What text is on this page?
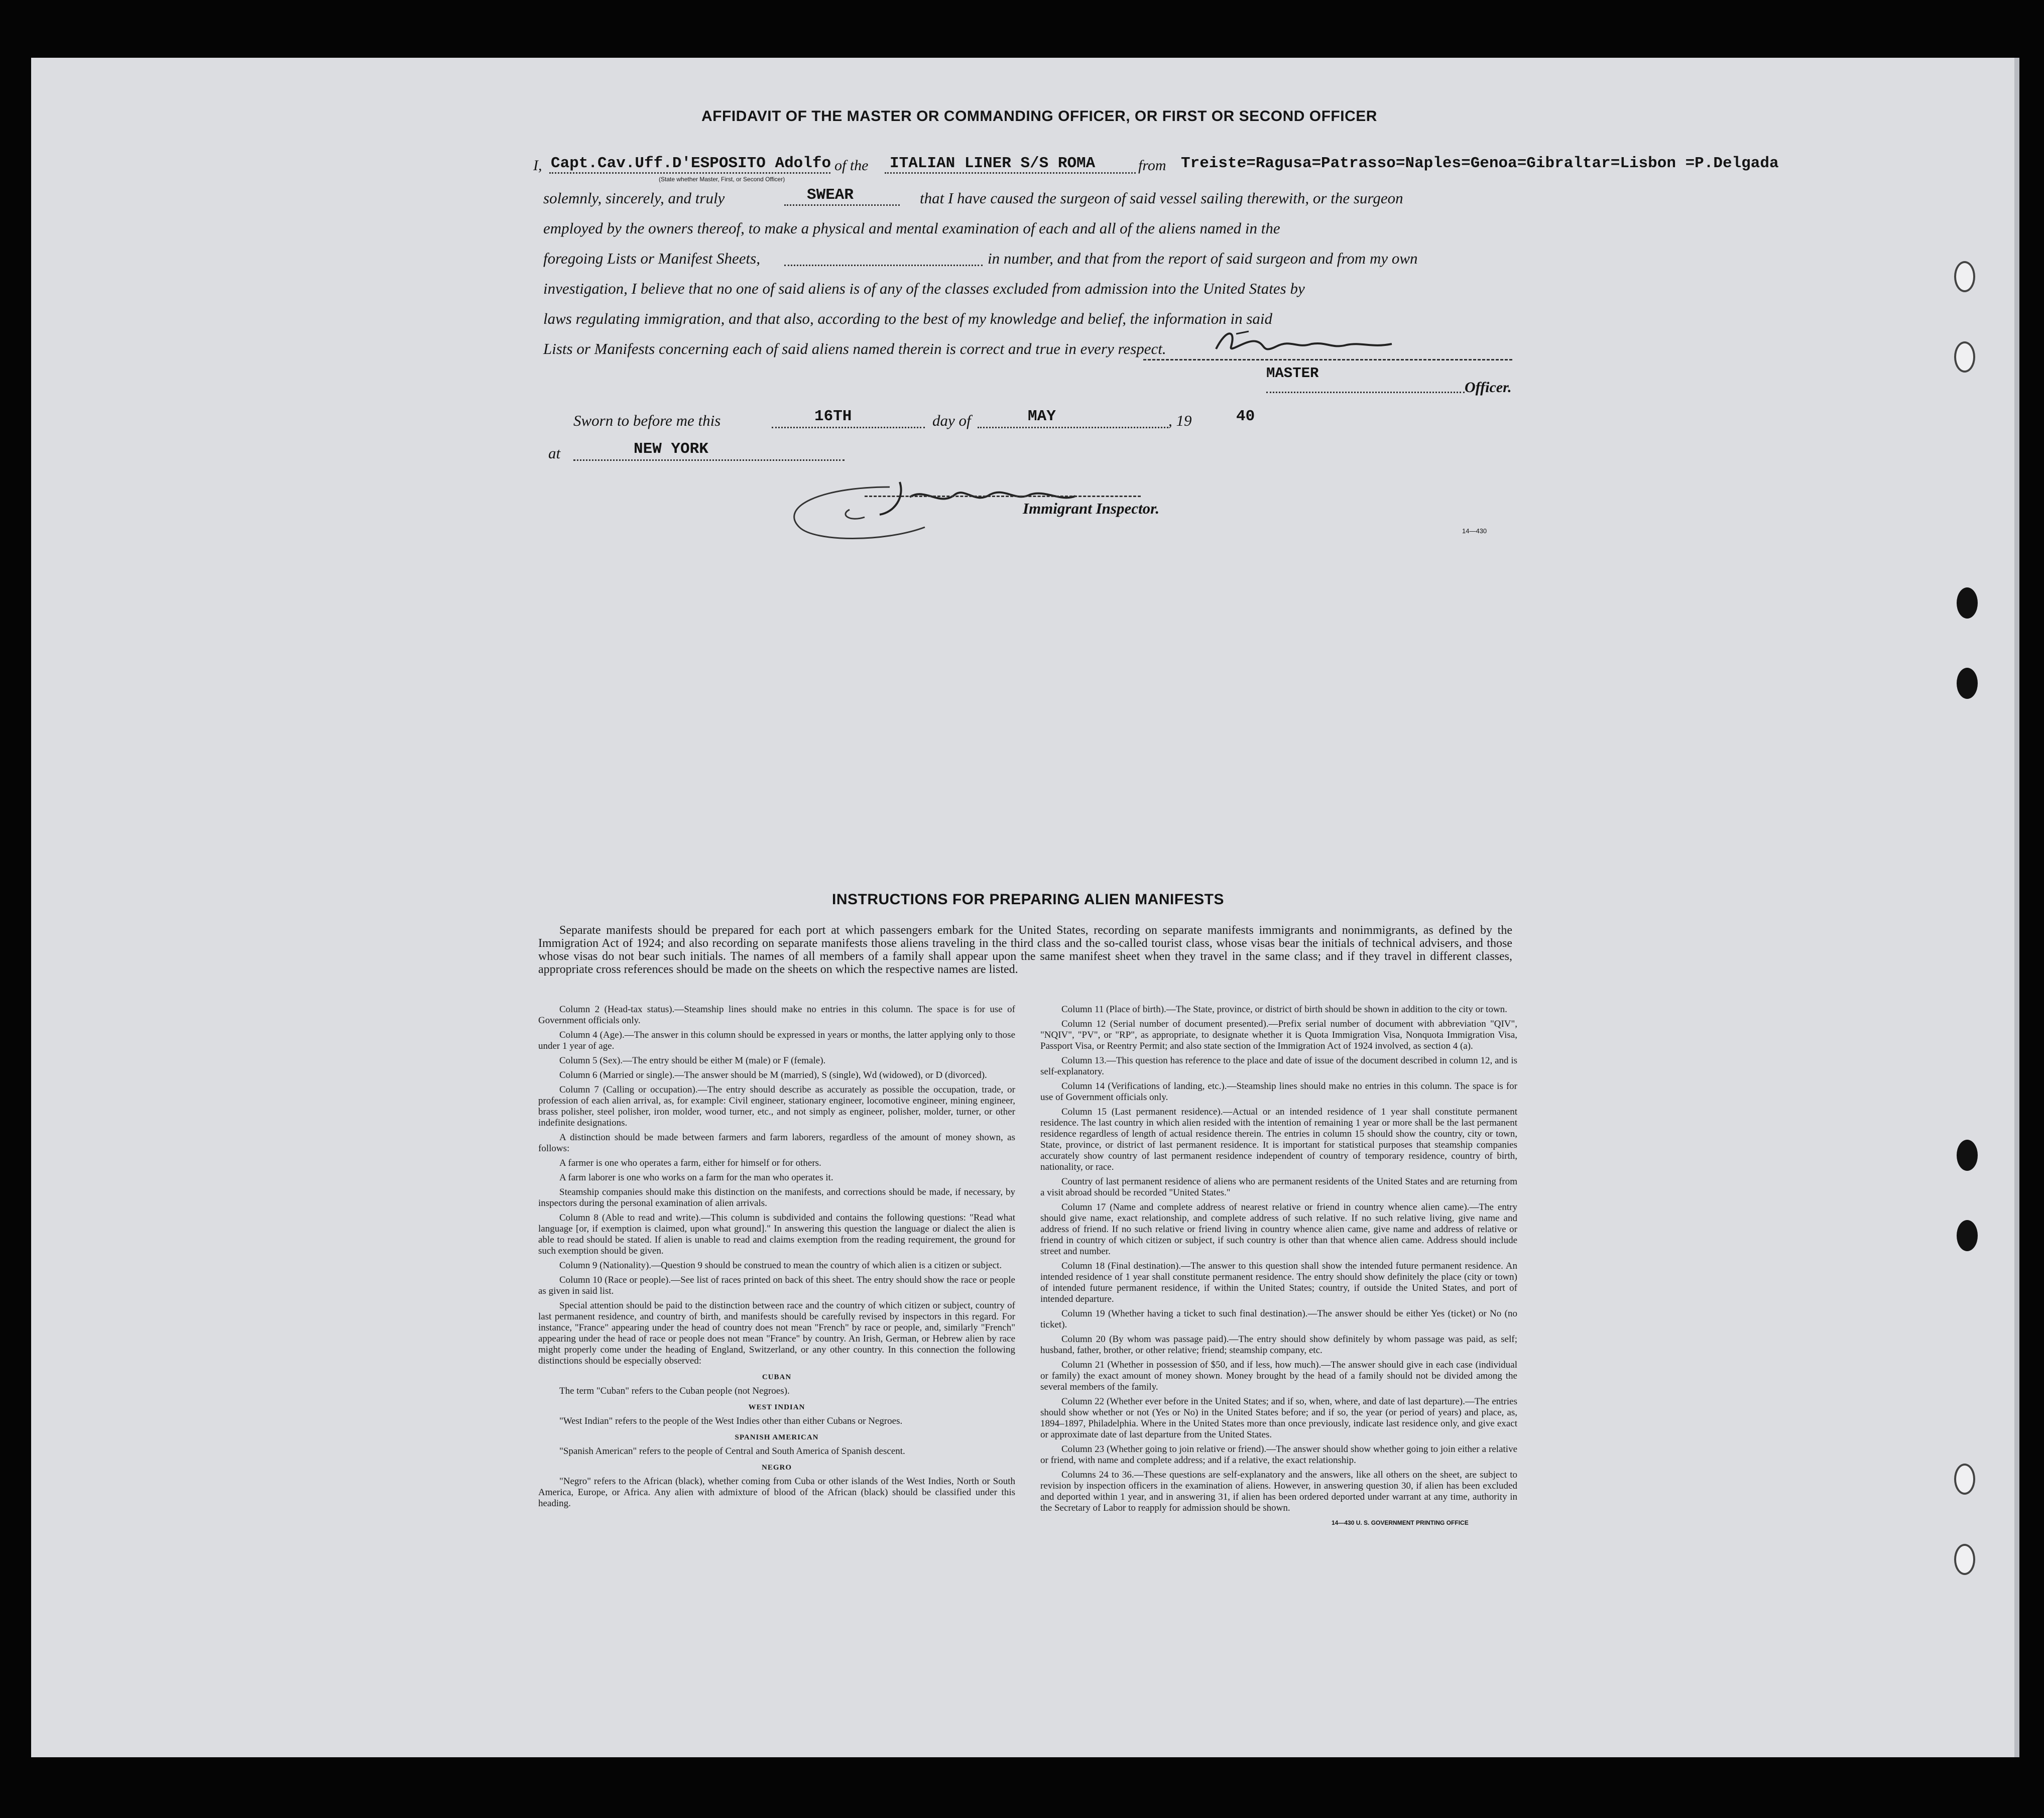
AFFIDAVIT OF THE MASTER OR COMMANDING OFFICER, OR FIRST OR SECOND OFFICER
I, Capt.Cav.Uff.D'ESPOSITO Adolfo
(State whether Master, First, or Second Officer)
of the ITALIAN LINER S/S ROMA	from Treiste=Ragusa=Patrasso=Naples=Genoa=Gibraltar=Lisbon =P.Delgada
solemnly, sincerely, and truly	SWEAR	that I have caused the surgeon of said vessel sailing therewith, or the surgeon
employed by the owners thereof, to make a physical and mental examination of each and all of the aliens named in the
foregoing Lists or Manifest Sheets,	in number, and that from the report of said surgeon and from my own
investigation, I believe that no one of said aliens is of any of the classes excluded from admission into the United States by
laws regulating immigration, and that also, according to the best of my knowledge and belief, the information in said
Lists or Manifests concerning each of said aliens named therein is correct and true in every respect.
MASTER
Officer.
Sworn to before me this	16TH	day of	MAY	, 19	40
at	NEW YORK
Immigrant Inspector.
14—430
INSTRUCTIONS FOR PREPARING ALIEN MANIFESTS

Separate manifests should be prepared for each port at which passengers embark for the United States, recording on separate manifests immigrants and nonimmigrants, as defined by the Immigration Act of 1924; and also recording on separate manifests those aliens traveling in the third class and the so-called tourist class, whose visas bear the initials of technical advisers, and those whose visas do not bear such initials. The names of all members of a family shall appear upon the same manifest sheet when they travel in the same class; and if they travel in different classes, appropriate cross references should be made on the sheets on which the respective names are listed.

Column 2 (Head-tax status).—Steamship lines should make no entries in this column. The space is for use of Government officials only.

Column 4 (Age).—The answer in this column should be expressed in years or months, the latter applying only to those under 1 year of age.

Column 5 (Sex).—The entry should be either M (male) or F (female).

Column 6 (Married or single).—The answer should be M (married), S (single), Wd (widowed), or D (divorced).

Column 7 (Calling or occupation).—The entry should describe as accurately as possible the occupation, trade, or profession of each alien arrival, as, for example: Civil engineer, stationary engineer, locomotive engineer, mining engineer, brass polisher, steel polisher, iron molder, wood turner, etc., and not simply as engineer, polisher, molder, turner, or other indefinite designations.

A distinction should be made between farmers and farm laborers, regardless of the amount of money shown, as follows:

A farmer is one who operates a farm, either for himself or for others.

A farm laborer is one who works on a farm for the man who operates it.

Steamship companies should make this distinction on the manifests, and corrections should be made, if necessary, by inspectors during the personal examination of alien arrivals.

Column 8 (Able to read and write).—This column is subdivided and contains the following questions: "Read what language [or, if exemption is claimed, upon what ground]." In answering this question the language or dialect the alien is able to read should be stated. If alien is unable to read and claims exemption from the reading requirement, the ground for such exemption should be given.

Column 9 (Nationality).—Question 9 should be construed to mean the country of which alien is a citizen or subject.

Column 10 (Race or people).—See list of races printed on back of this sheet. The entry should show the race or people as given in said list.

Special attention should be paid to the distinction between race and the country of which citizen or subject, country of last permanent residence, and country of birth, and manifests should be carefully revised by inspectors in this regard. For instance, "France" appearing under the head of country does not mean "French" by race or people, and, similarly "French" appearing under the head of race or people does not mean "France" by country. An Irish, German, or Hebrew alien by race might properly come under the heading of England, Switzerland, or any other country. In this connection the following distinctions should be especially observed:

CUBAN

The term "Cuban" refers to the Cuban people (not Negroes).

WEST INDIAN

"West Indian" refers to the people of the West Indies other than either Cubans or Negroes.

SPANISH AMERICAN

"Spanish American" refers to the people of Central and South America of Spanish descent.

NEGRO

"Negro" refers to the African (black), whether coming from Cuba or other islands of the West Indies, North or South America, Europe, or Africa. Any alien with admixture of blood of the African (black) should be classified under this heading.

Column 11 (Place of birth).—The State, province, or district of birth should be shown in addition to the city or town.

Column 12 (Serial number of document presented).—Prefix serial number of document with abbreviation "QIV", "NQIV", "PV", or "RP", as appropriate, to designate whether it is Quota Immigration Visa, Nonquota Immigration Visa, Passport Visa, or Reentry Permit; and also state section of the Immigration Act of 1924 involved, as section 4 (a).

Column 13.—This question has reference to the place and date of issue of the document described in column 12, and is self-explanatory.

Column 14 (Verifications of landing, etc.).—Steamship lines should make no entries in this column. The space is for use of Government officials only.

Column 15 (Last permanent residence).—Actual or an intended residence of 1 year shall constitute permanent residence. The last country in which alien resided with the intention of remaining 1 year or more shall be the last permanent residence regardless of length of actual residence therein. The entries in column 15 should show the country, city or town, State, province, or district of last permanent residence. It is important for statistical purposes that steamship companies accurately show country of last permanent residence independent of country of temporary residence, country of birth, nationality, or race.

Country of last permanent residence of aliens who are permanent residents of the United States and are returning from a visit abroad should be recorded "United States."

Column 17 (Name and complete address of nearest relative or friend in country whence alien came).—The entry should give name, exact relationship, and complete address of such relative. If no such relative living, give name and address of friend. If no such relative or friend living in country whence alien came, give name and address of relative or friend in country of which citizen or subject, if such country is other than that whence alien came. Address should include street and number.

Column 18 (Final destination).—The answer to this question shall show the intended future permanent residence. An intended residence of 1 year shall constitute permanent residence. The entry should show definitely the place (city or town) of intended future permanent residence, if within the United States; country, if outside the United States, and port of intended departure.

Column 19 (Whether having a ticket to such final destination).—The answer should be either Yes (ticket) or No (no ticket).

Column 20 (By whom was passage paid).—The entry should show definitely by whom passage was paid, as self; husband, father, brother, or other relative; friend; steamship company, etc.

Column 21 (Whether in possession of $50, and if less, how much).—The answer should give in each case (individual or family) the exact amount of money shown. Money brought by the head of a family should not be divided among the several members of the family.

Column 22 (Whether ever before in the United States; and if so, when, where, and date of last departure).—The entries should show whether or not (Yes or No) in the United States before; and if so, the year (or period of years) and place, as, 1894–1897, Philadelphia. Where in the United States more than once previously, indicate last residence only, and give exact or approximate date of last departure from the United States.

Column 23 (Whether going to join relative or friend).—The answer should show whether going to join either a relative or friend, with name and complete address; and if a relative, the exact relationship.

Columns 24 to 36.—These questions are self-explanatory and the answers, like all others on the sheet, are subject to revision by inspection officers in the examination of aliens. However, in answering question 30, if alien has been excluded and deported within 1 year, and in answering 31, if alien has been ordered deported under warrant at any time, authority in the Secretary of Labor to reapply for admission should be shown.

14—430 U. S. GOVERNMENT PRINTING OFFICE
